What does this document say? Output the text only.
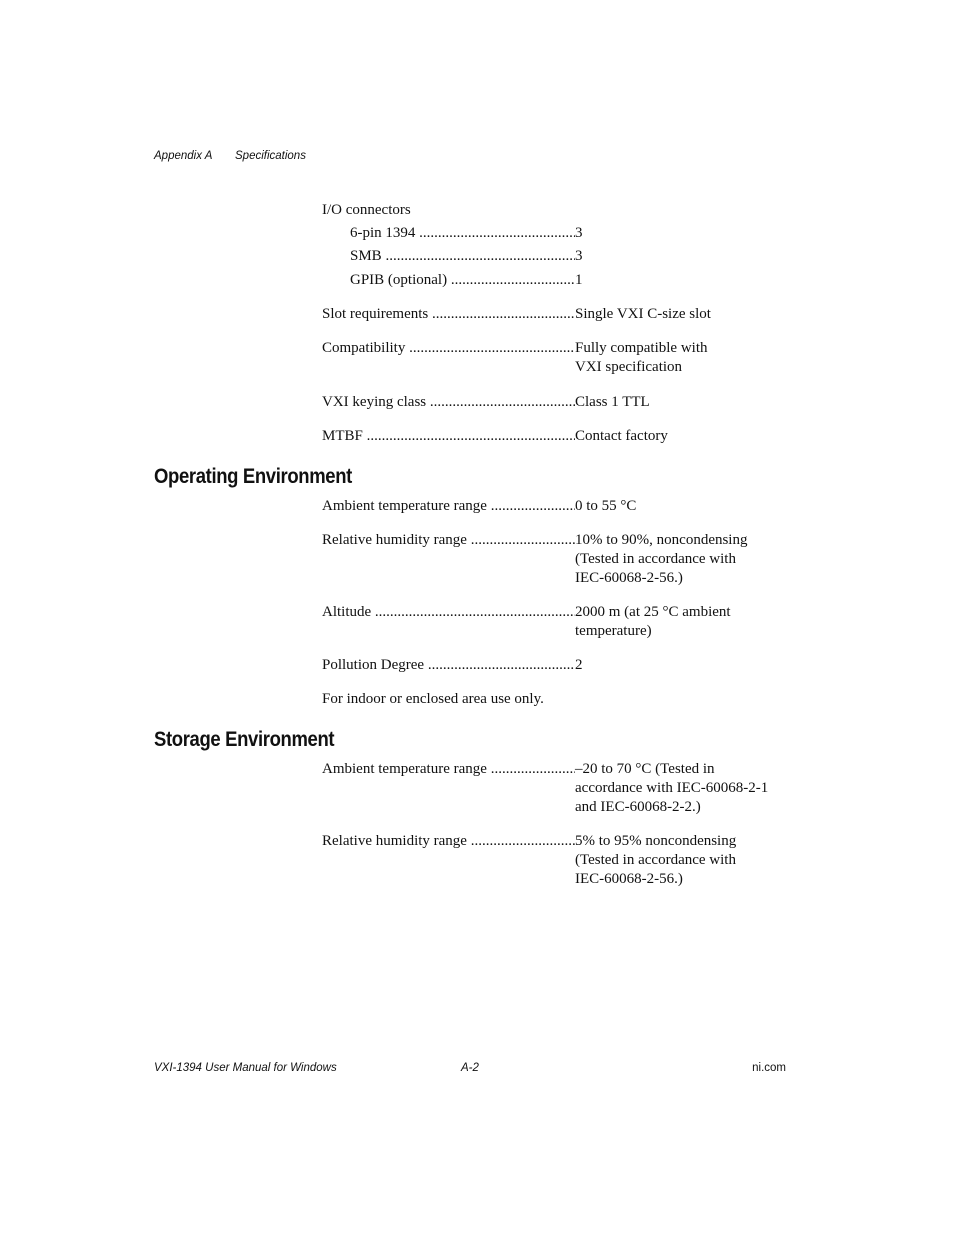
Appendix A Specifications
I/O connectors
6-pin 1394 .....	3
SMB .....	3
GPIB (optional) .....	1
Slot requirements .....	Single VXI C-size slot
Compatibility .....	Fully compatible with
VXI specification
VXI keying class .....	Class 1 TTL
MTBF .....	Contact factory
Operating Environment
Ambient temperature range .....	0 to 55 °C
Relative humidity range .....	10% to 90%, noncondensing
(Tested in accordance with
IEC-60068-2-56.)
Altitude .....	2000 m (at 25 °C ambient
temperature)
Pollution Degree .....	2
For indoor or enclosed area use only.
Storage Environment
Ambient temperature range .....	–20 to 70 °C (Tested in
accordance with IEC-60068-2-1
and IEC-60068-2-2.)
Relative humidity range .....	5% to 95% noncondensing
(Tested in accordance with
IEC-60068-2-56.)
VXI-1394 User Manual for Windows	A-2	ni.com
